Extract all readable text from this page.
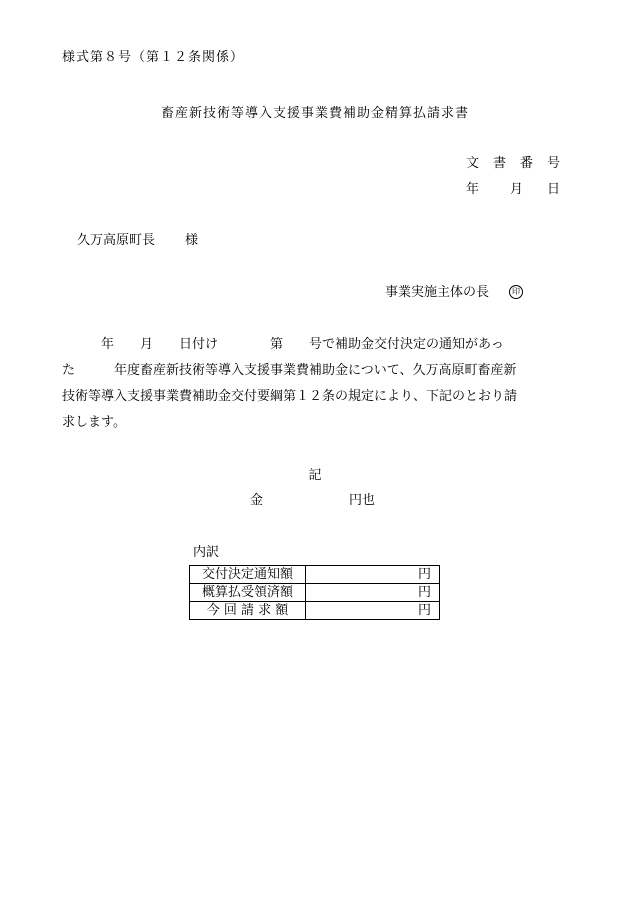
様式第８号（第１２条関係）
畜産新技術等導入支援事業費補助金精算払請求書
文 書 番 号
年 月 日
久万高原町長 様
事業実施主体の長	印
　　　年　　月　　日付け　　　　第　　号で補助金交付決定の通知があっ
た　　　年度畜産新技術等導入支援事業費補助金について、久万高原町畜産新
技術等導入支援事業費補助金交付要綱第１２条の規定により、下記のとおり請
求します。
記
金	円也
内訳
交付決定通知額	円
概算払受領済額	円
今 回 請 求 額	円
